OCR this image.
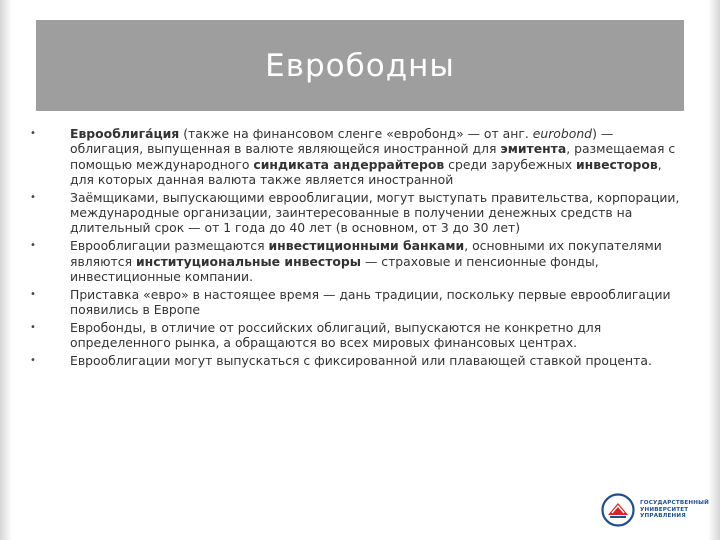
Еврободны
•	Еврооблига́ция (также на финансовом сленге «евробонд» — от анг. eurobond) — облигация, выпущенная в валюте являющейся иностранной для эмитента, размещаемая с помощью международного синдиката андеррайтеров среди зарубежных инвесторов, для которых данная валюта также является иностранной
•	Заёмщиками, выпускающими еврооблигации, могут выступать правительства, корпорации, международные организации, заинтересованные в получении денежных средств на длительный срок — от 1 года до 40 лет (в основном, от 3 до 30 лет)
•	Еврооблигации размещаются инвестиционными банками, основными их покупателями являются институциональные инвесторы — страховые и пенсионные фонды, инвестиционные компании.
•	Приставка «евро» в настоящее время — дань традиции, поскольку первые еврооблигации появились в Европе
•	Евробонды, в отличие от российских облигаций, выпускаются не конкретно для определенного рынка, а обращаются во всех мировых финансовых центрах.
•	Еврооблигации могут выпускаться с фиксированной или плавающей ставкой процента.
ГОСУДАРСТВЕННЫЙ
УНИВЕРСИТЕТ
УПРАВЛЕНИЯ
